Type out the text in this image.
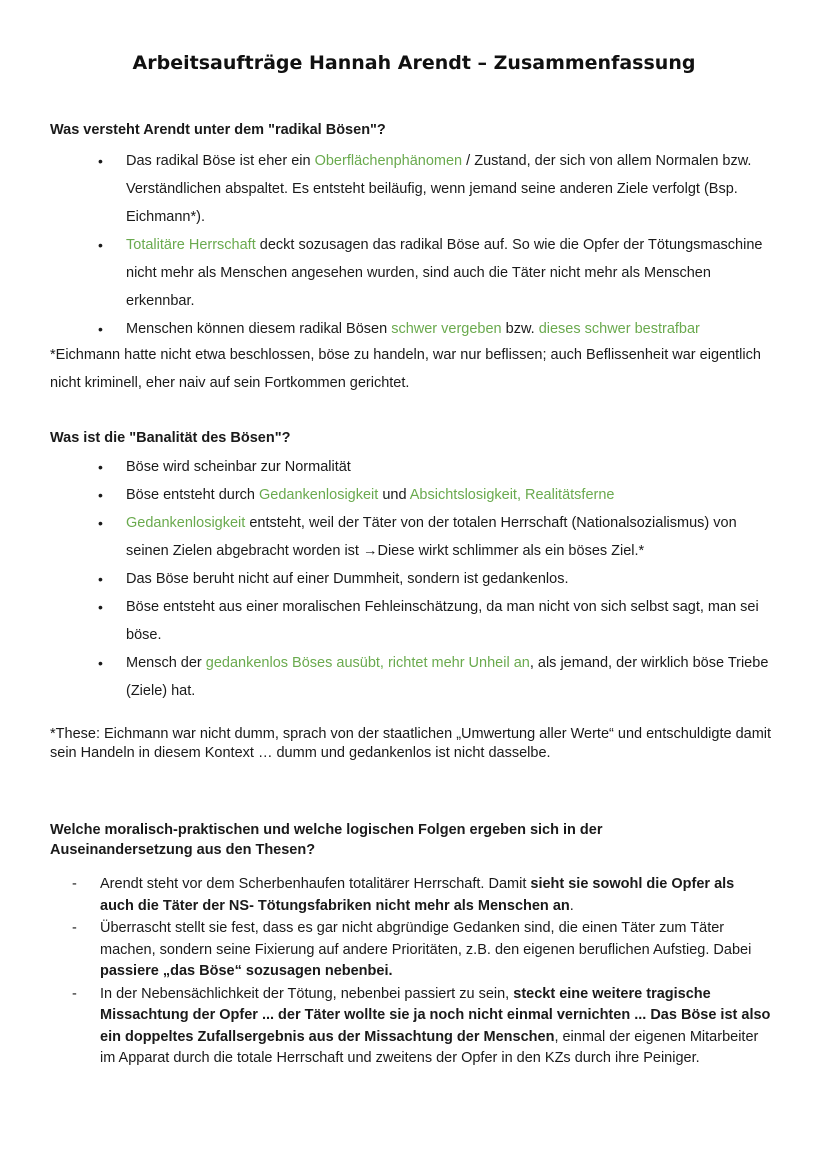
Arbeitsaufträge Hannah Arendt – Zusammenfassung
Was versteht Arendt unter dem "radikal Bösen"?
• Das radikal Böse ist eher ein Oberflächenphänomen / Zustand, der sich von allem Normalen bzw. Verständlichen abspaltet. Es entsteht beiläufig, wenn jemand seine anderen Ziele verfolgt (Bsp. Eichmann*).
• Totalitäre Herrschaft deckt sozusagen das radikal Böse auf. So wie die Opfer der Tötungsmaschine nicht mehr als Menschen angesehen wurden, sind auch die Täter nicht mehr als Menschen erkennbar.
• Menschen können diesem radikal Bösen schwer vergeben bzw. dieses schwer bestrafbar
*Eichmann hatte nicht etwa beschlossen, böse zu handeln, war nur beflissen; auch Beflissenheit war eigentlich nicht kriminell, eher naiv auf sein Fortkommen gerichtet.
Was ist die "Banalität des Bösen"?
• Böse wird scheinbar zur Normalität
• Böse entsteht durch Gedankenlosigkeit und Absichtslosigkeit, Realitätsferne
• Gedankenlosigkeit entsteht, weil der Täter von der totalen Herrschaft (Nationalsozialismus) von seinen Zielen abgebracht worden ist →Diese wirkt schlimmer als ein böses Ziel.*
• Das Böse beruht nicht auf einer Dummheit, sondern ist gedankenlos.
• Böse entsteht aus einer moralischen Fehleinschätzung, da man nicht von sich selbst sagt, man sei böse.
• Mensch der gedankenlos Böses ausübt, richtet mehr Unheil an, als jemand, der wirklich böse Triebe (Ziele) hat.
*These: Eichmann war nicht dumm, sprach von der staatlichen „Umwertung aller Werte“ und entschuldigte damit sein Handeln in diesem Kontext … dumm und gedankenlos ist nicht dasselbe.
Welche moralisch-praktischen und welche logischen Folgen ergeben sich in der Auseinandersetzung aus den Thesen?
- Arendt steht vor dem Scherbenhaufen totalitärer Herrschaft. Damit sieht sie sowohl die Opfer als auch die Täter der NS- Tötungsfabriken nicht mehr als Menschen an.
- Überrascht stellt sie fest, dass es gar nicht abgründige Gedanken sind, die einen Täter zum Täter machen, sondern seine Fixierung auf andere Prioritäten, z.B. den eigenen beruflichen Aufstieg. Dabei passiere „das Böse“ sozusagen nebenbei.
- In der Nebensächlichkeit der Tötung, nebenbei passiert zu sein, steckt eine weitere tragische Missachtung der Opfer ... der Täter wollte sie ja noch nicht einmal vernichten ... Das Böse ist also ein doppeltes Zufallsergebnis aus der Missachtung der Menschen, einmal der eigenen Mitarbeiter im Apparat durch die totale Herrschaft und zweitens der Opfer in den KZs durch ihre Peiniger.
